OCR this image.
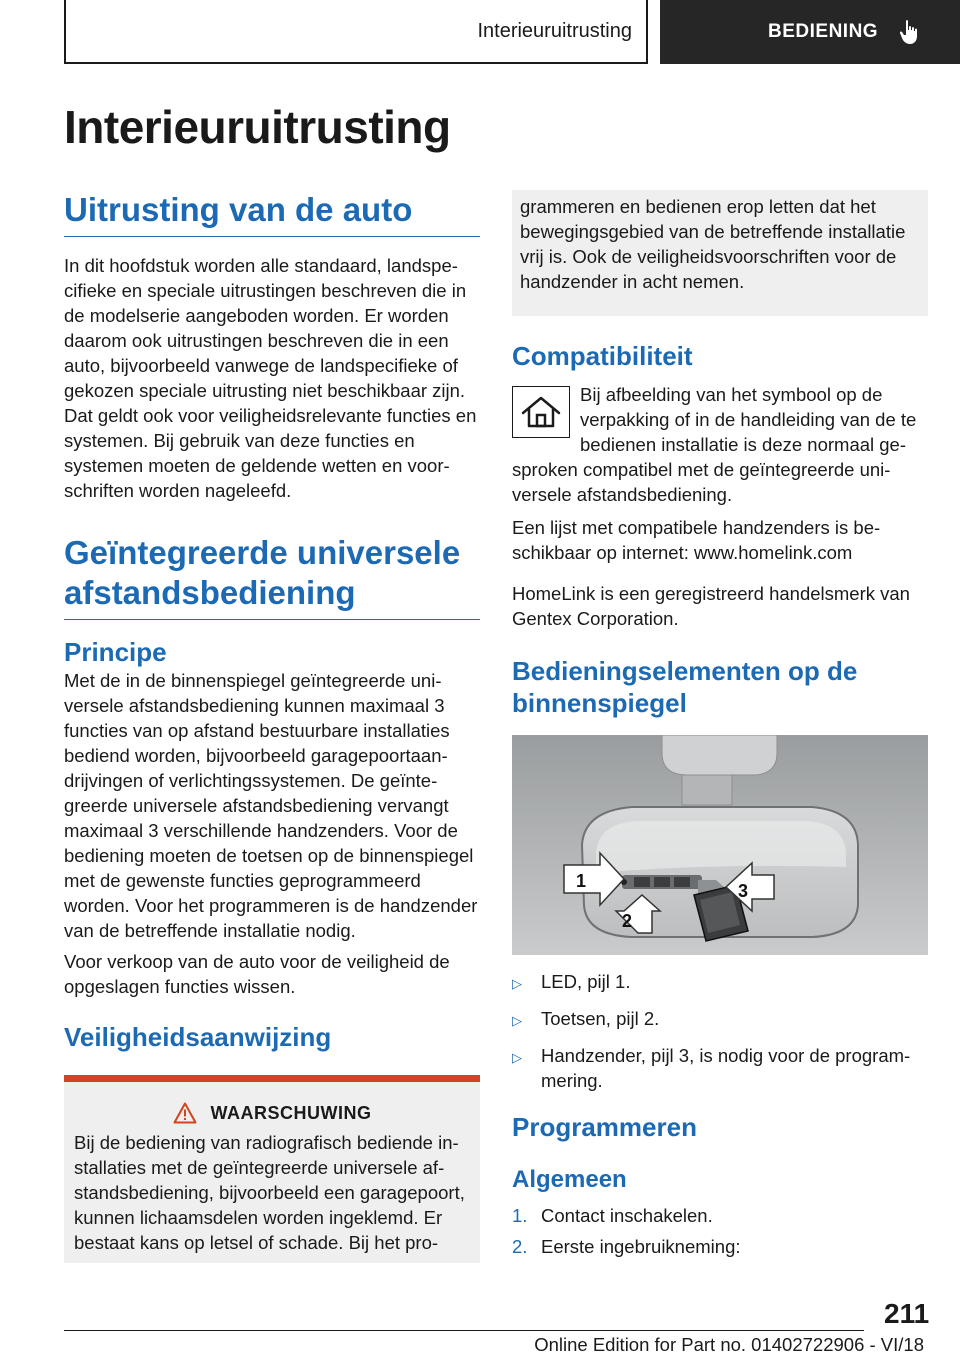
Interieuruitrusting	BEDIENING
Interieuruitrusting
Uitrusting van de auto

In dit hoofdstuk worden alle standaard, landspecifieke en speciale uitrustingen beschreven die in de modelserie aangeboden worden. Er worden daarom ook uitrustingen beschreven die in een auto, bijvoorbeeld vanwege de landspecifieke of gekozen speciale uitrusting niet beschikbaar zijn. Dat geldt ook voor veiligheidsrelevante functies en systemen. Bij gebruik van deze functies en systemen moeten de geldende wetten en voorschriften worden nageleefd.

Geïntegreerde universele afstandsbediening
Principe

Met de in de binnenspiegel geïntegreerde universele afstandsbediening kunnen maximaal 3 functies van op afstand bestuurbare installaties bediend worden, bijvoorbeeld garagepoortaandrijvingen of verlichtingssystemen. De geïntegreerde universele afstandsbediening vervangt maximaal 3 verschillende handzenders. Voor de bediening moeten de toetsen op de binnenspiegel met de gewenste functies geprogrammeerd worden. Voor het programmeren is de handzender van de betreffende installatie nodig.

Voor verkoop van de auto voor de veiligheid de opgeslagen functies wissen.

Veiligheidsaanwijzing
WAARSCHUWING

Bij de bediening van radiografisch bediende installaties met de geïntegreerde universele afstandsbediening, bijvoorbeeld een garagepoort, kunnen lichaamsdelen worden ingeklemd. Er bestaat kans op letsel of schade. Bij het pro-

grammeren en bedienen erop letten dat het bewegingsgebied van de betreffende installatie vrij is. Ook de veiligheidsvoorschriften voor de handzender in acht nemen.

Compatibiliteit

Bij afbeelding van het symbool op de verpakking of in de handleiding van de te bedienen installatie is deze normaal ge-

sproken compatibel met de geïntegreerde universele afstandsbediening.

Een lijst met compatibele handzenders is beschikbaar op internet: www.homelink.com

HomeLink is een geregistreerd handelsmerk van Gentex Corporation.

Bedieningselementen op de binnenspiegel
1
2
3
▷	LED, pijl 1.
▷	Toetsen, pijl 2.
▷	Handzender, pijl 3, is nodig voor de programmering.
Programmeren
Algemeen
1. Contact inschakelen.
2. Eerste ingebruikneming:
211
Online Edition for Part no. 01402722906 - VI/18
